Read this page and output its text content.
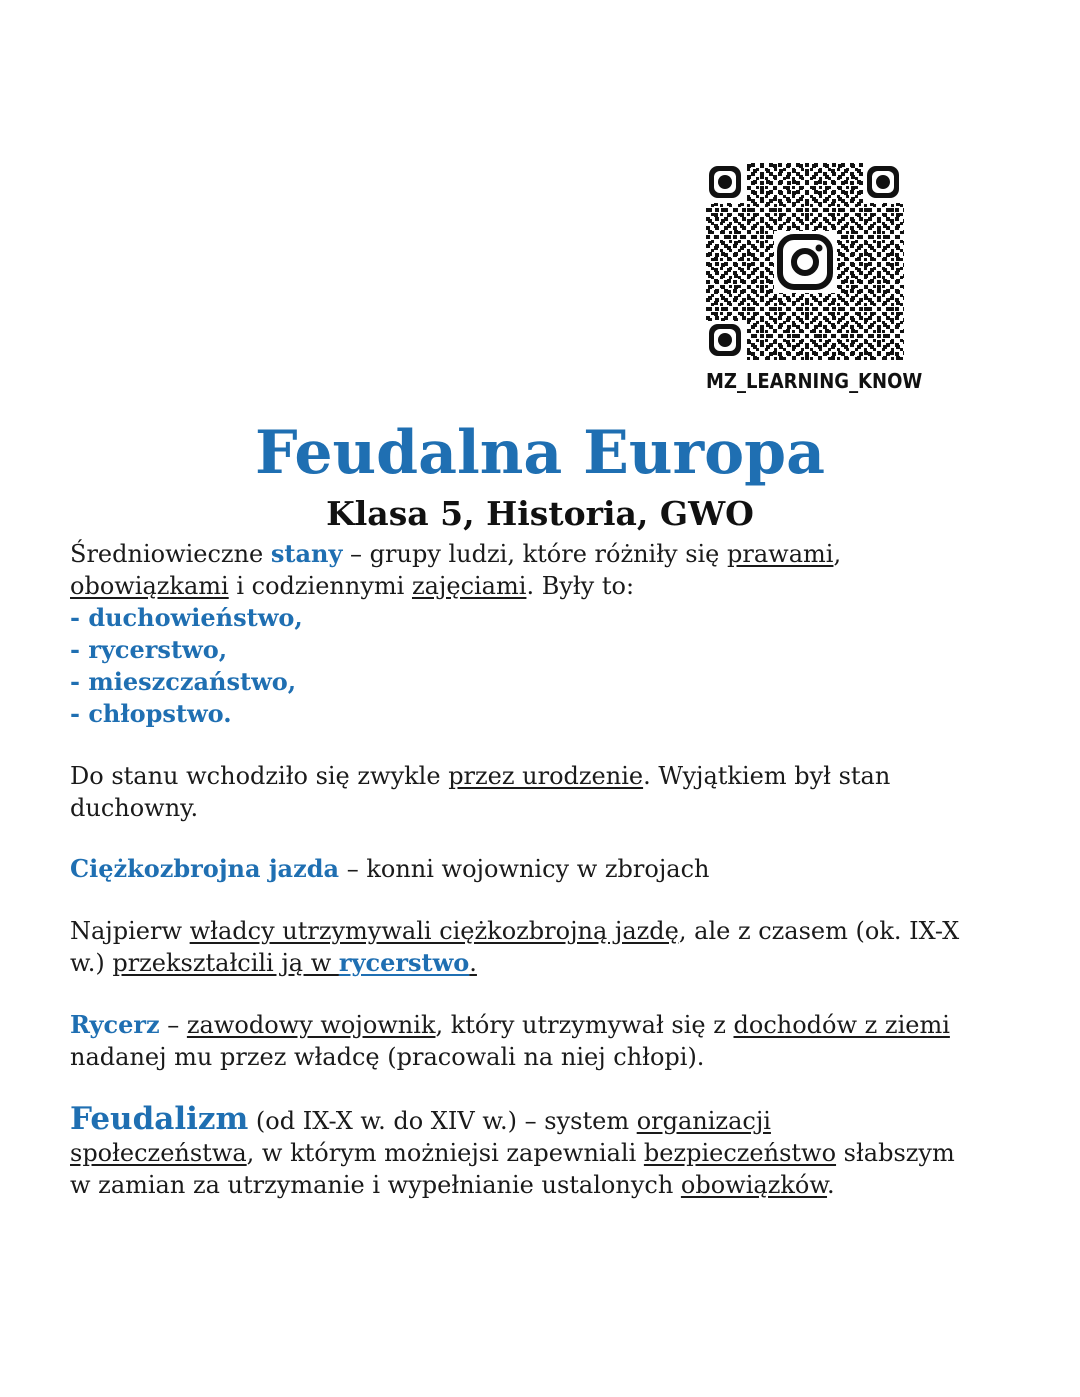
MZ_LEARNING_KNOW
Feudalna Europa
Klasa 5, Historia, GWO

Średniowieczne stany – grupy ludzi, które różniły się prawami,
obowiązkami i codziennymi zajęciami. Były to:

- duchowieństwo,
- rycerstwo,
- mieszczaństwo,
- chłopstwo.

Do stanu wchodziło się zwykle przez urodzenie. Wyjątkiem był stan
duchowny.

Ciężkozbrojna jazda – konni wojownicy w zbrojach

Najpierw władcy utrzymywali ciężkozbrojną jazdę, ale z czasem (ok. IX-X
w.) przekształcili ją w rycerstwo.

Rycerz – zawodowy wojownik, który utrzymywał się z dochodów z ziemi
nadanej mu przez władcę (pracowali na niej chłopi).

Feudalizm (od IX-X w. do XIV w.) – system organizacji
społeczeństwa, w którym możniejsi zapewniali bezpieczeństwo słabszym
w zamian za utrzymanie i wypełnianie ustalonych obowiązków.
